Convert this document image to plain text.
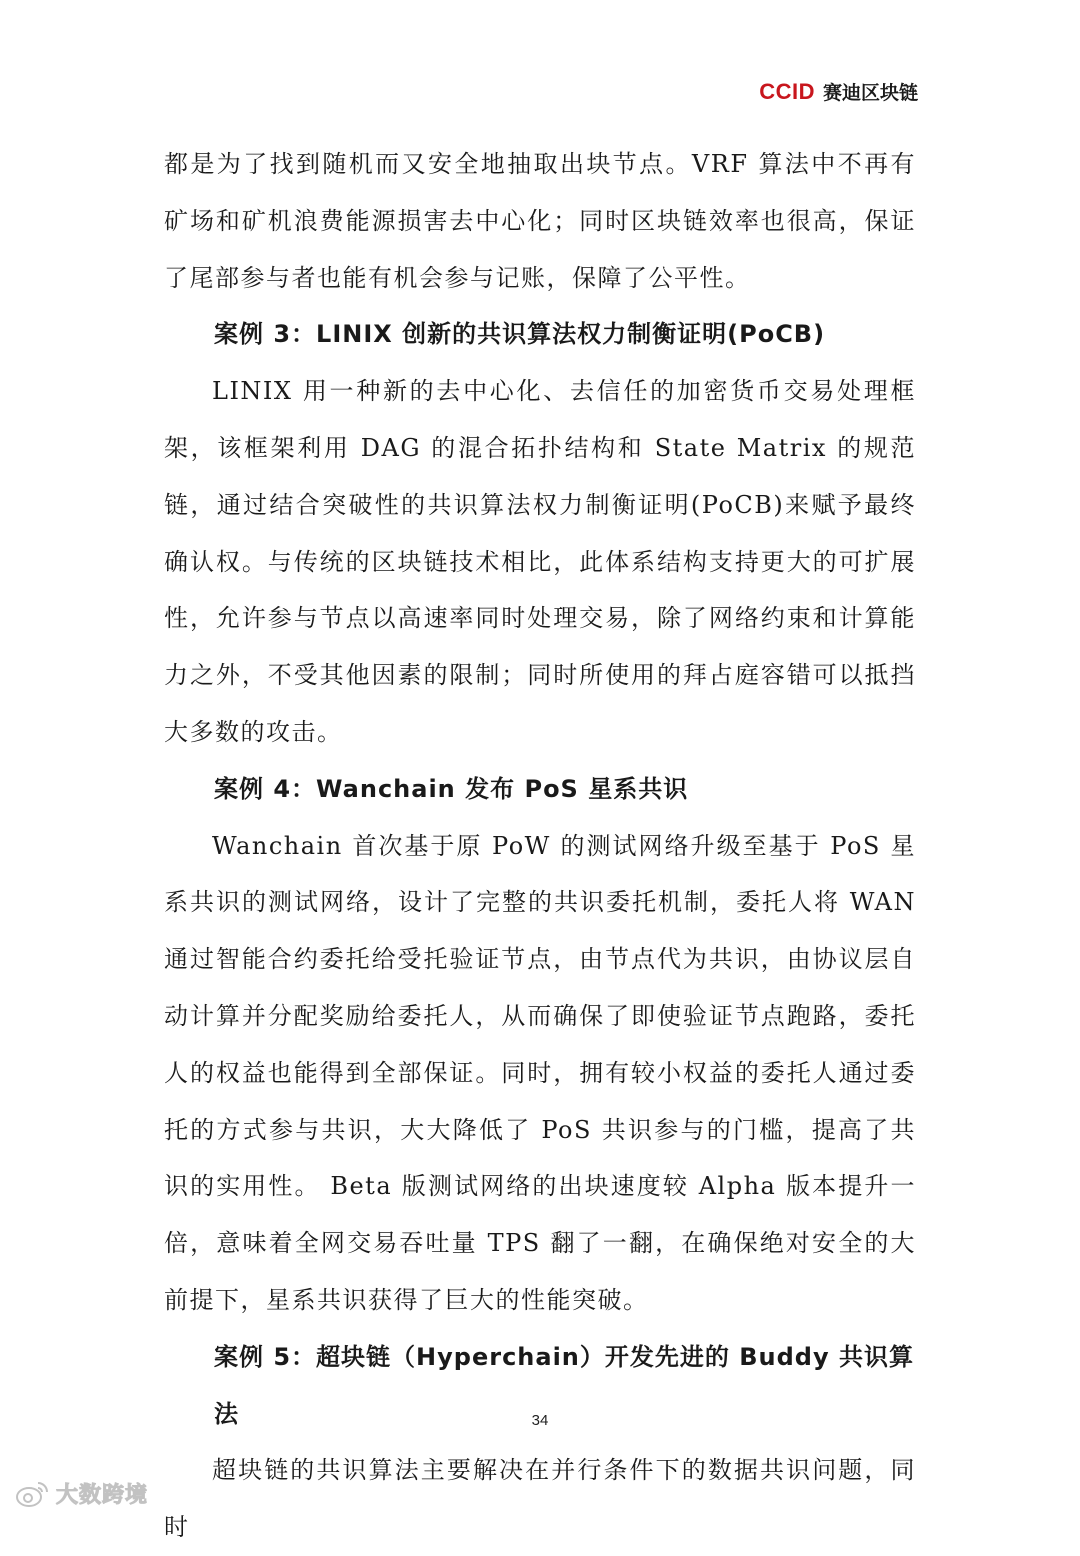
CCID 赛迪区块链

都是为了找到随机而又安全地抽取出块节点。VRF 算法中不再有矿场和矿机浪费能源损害去中心化；同时区块链效率也很高，保证了尾部参与者也能有机会参与记账，保障了公平性。

案例 3：LINIX 创新的共识算法权力制衡证明(PoCB)

LINIX 用一种新的去中心化、去信任的加密货币交易处理框架，该框架利用 DAG 的混合拓扑结构和 State Matrix 的规范链，通过结合突破性的共识算法权力制衡证明(PoCB)来赋予最终确认权。与传统的区块链技术相比，此体系结构支持更大的可扩展性，允许参与节点以高速率同时处理交易，除了网络约束和计算能力之外，不受其他因素的限制；同时所使用的拜占庭容错可以抵挡大多数的攻击。

案例 4：Wanchain 发布 PoS 星系共识

Wanchain 首次基于原 PoW 的测试网络升级至基于 PoS 星系共识的测试网络，设计了完整的共识委托机制，委托人将 WAN 通过智能合约委托给受托验证节点，由节点代为共识，由协议层自动计算并分配奖励给委托人，从而确保了即使验证节点跑路，委托人的权益也能得到全部保证。同时，拥有较小权益的委托人通过委托的方式参与共识，大大降低了 PoS 共识参与的门槛，提高了共识的实用性。 Beta 版测试网络的出块速度较 Alpha 版本提升一倍，意味着全网交易吞吐量 TPS 翻了一翻，在确保绝对安全的大前提下，星系共识获得了巨大的性能突破。

案例 5：超块链（Hyperchain）开发先进的 Buddy 共识算法

超块链的共识算法主要解决在并行条件下的数据共识问题，同时

34
大数跨境
